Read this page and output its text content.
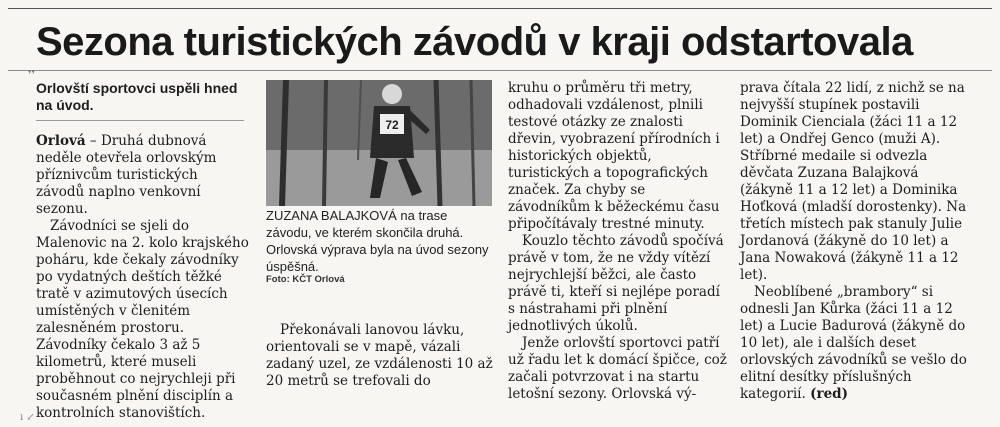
Sezona turistických závodů v kraji odstartovala
❜❜
Orlovští sportovci uspěli hned na úvod.

Orlová – Druhá dubnová neděle otevřela orlovským příznivcům turistických závodů naplno venkovní sezonu.

Závodníci se sjeli do Malenovic na 2. kolo krajského poháru, kde čekaly závodníky po vydatných deštích těžké tratě v azimutových úsecích umístěných v členitém zalesněném prostoru. Závodníky čekalo 3 až 5 kilometrů, které museli proběhnout co nejrychleji při současném plnění disciplín a kontrolních stanovištích.

72
ZUZANA BALAJKOVÁ na trase závodu, ve kterém skončila druhá. Orlovská výprava byla na úvod sezony úspěšná.
Foto: KČT Orlová

Překonávali lanovou lávku, orientovali se v mapě, vázali zadaný uzel, ze vzdálenosti 10 až 20 metrů se trefovali do

kruhu o průměru tři metry, odhadovali vzdálenost, plnili testové otázky ze znalosti dřevin, vyobrazení přírodních i historických objektů, turistických a topografických značek. Za chyby se závodníkům k běžeckému času připočítávaly trestné minuty.

Kouzlo těchto závodů spočívá právě v tom, že ne vždy vítězí nejrychlejší běžci, ale často právě ti, kteří si nejlépe poradí s nástrahami při plnění jednotlivých úkolů.

Jenže orlovští sportovci patří už řadu let k domácí špičce, což začali potvrzovat i na startu letošní sezony. Orlovská vý-

prava čítala 22 lidí, z nichž se na nejvyšší stupínek postavili Dominik Cienciala (žáci 11 a 12 let) a Ondřej Genco (muži A). Stříbrné medaile si odvezla děvčata Zuzana Balajková (žákyně 11 a 12 let) a Dominika Hoťková (mladší dorostenky). Na třetích místech pak stanuly Julie Jordanová (žákyně do 10 let) a Jana Nowaková (žákyně 11 a 12 let).

Neoblíbené „brambory“ si odnesli Jan Kůrka (žáci 11 a 12 let) a Lucie Badurová (žákyně do 10 let), ale i dalších deset orlovských závodníků se vešlo do elitní desítky příslušných kategorií. (red)

ı ↙
